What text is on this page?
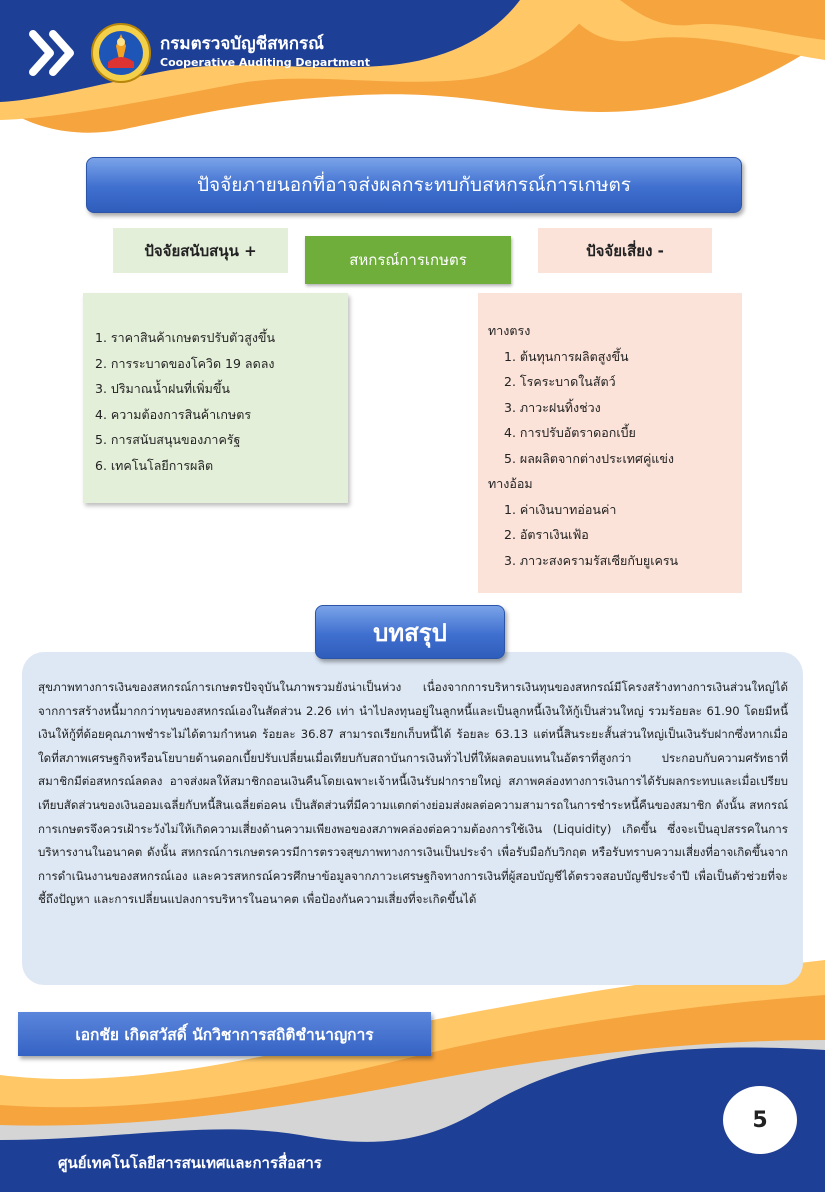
กรมตรวจบัญชีสหกรณ์
Cooperative Auditing Department
ปัจจัยภายนอกที่อาจส่งผลกระทบกับสหกรณ์การเกษตร
ปัจจัยสนับสนุน +
สหกรณ์การเกษตร
ปัจจัยเสี่ยง -
1. ราคาสินค้าเกษตรปรับตัวสูงขึ้น
2. การระบาดของโควิด 19 ลดลง
3. ปริมาณน้ำฝนที่เพิ่มขึ้น
4. ความต้องการสินค้าเกษตร
5. การสนับสนุนของภาครัฐ
6. เทคโนโลยีการผลิต
ทางตรง
1. ต้นทุนการผลิตสูงขึ้น
2. โรคระบาดในสัตว์
3. ภาวะฝนทิ้งช่วง
4. การปรับอัตราดอกเบี้ย
5. ผลผลิตจากต่างประเทศคู่แข่ง
ทางอ้อม
1. ค่าเงินบาทอ่อนค่า
2. อัตราเงินเฟ้อ
3. ภาวะสงครามรัสเซียกับยูเครน
บทสรุป
สุขภาพทางการเงินของสหกรณ์การเกษตรปัจจุบันในภาพรวมยังน่าเป็นห่วง เนื่องจากการบริหารเงินทุนของสหกรณ์มีโครงสร้างทางการเงินส่วนใหญ่ได้จากการสร้างหนี้มากกว่าทุนของสหกรณ์เองในสัดส่วน 2.26 เท่า นำไปลงทุนอยู่ในลูกหนี้และเป็นลูกหนี้เงินให้กู้เป็นส่วนใหญ่ รวมร้อยละ 61.90 โดยมีหนี้เงินให้กู้ที่ด้อยคุณภาพชำระไม่ได้ตามกำหนด ร้อยละ 36.87 สามารถเรียกเก็บหนี้ได้ ร้อยละ 63.13 แต่หนี้สินระยะสั้นส่วนใหญ่เป็นเงินรับฝากซึ่งหากเมื่อใดที่สภาพเศรษฐกิจหรือนโยบายด้านดอกเบี้ยปรับเปลี่ยนเมื่อเทียบกับสถาบันการเงินทั่วไปที่ให้ผลตอบแทนในอัตราที่สูงกว่า ประกอบกับความศรัทธาที่สมาชิกมีต่อสหกรณ์ลดลง อาจส่งผลให้สมาชิกถอนเงินคืนโดยเฉพาะเจ้าหนี้เงินรับฝากรายใหญ่ สภาพคล่องทางการเงินการได้รับผลกระทบและเมื่อเปรียบเทียบสัดส่วนของเงินออมเฉลี่ยกับหนี้สินเฉลี่ยต่อคน เป็นสัดส่วนที่มีความแตกต่างย่อมส่งผลต่อความสามารถในการชำระหนี้คืนของสมาชิก ดังนั้น สหกรณ์การเกษตรจึงควรเฝ้าระวังไม่ให้เกิดความเสี่ยงด้านความเพียงพอของสภาพคล่องต่อความต้องการใช้เงิน (Liquidity) เกิดขึ้น ซึ่งจะเป็นอุปสรรคในการบริหารงานในอนาคต ดังนั้น สหกรณ์การเกษตรควรมีการตรวจสุขภาพทางการเงินเป็นประจำ เพื่อรับมือกับวิกฤต หรือรับทราบความเสี่ยงที่อาจเกิดขึ้นจากการดำเนินงานของสหกรณ์เอง และควรสหกรณ์ควรศึกษาข้อมูลจากภาวะเศรษฐกิจทางการเงินที่ผู้สอบบัญชีได้ตรวจสอบบัญชีประจำปี เพื่อเป็นตัวช่วยที่จะชี้ถึงปัญหา และการเปลี่ยนแปลงการบริหารในอนาคต เพื่อป้องกันความเสี่ยงที่จะเกิดขึ้นได้
เอกชัย เกิดสวัสดิ์ นักวิชาการสถิติชำนาญการ
5
ศูนย์เทคโนโลยีสารสนเทศและการสื่อสาร
